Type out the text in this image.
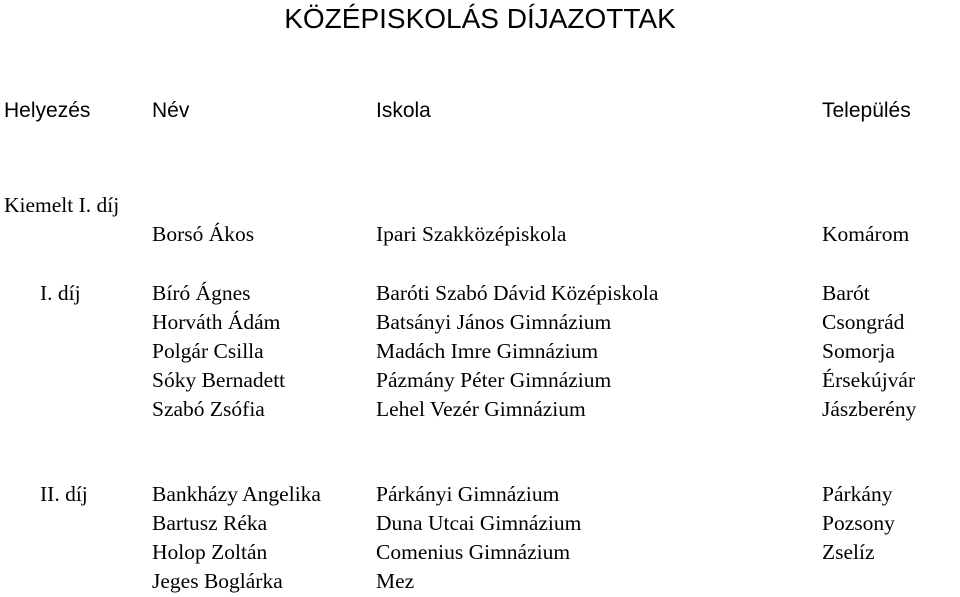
KÖZÉPISKOLÁS DÍJAZOTTAK
Helyezés	Név	Iskola	Település
Kiemelt I. díj
Borsó Ákos	Ipari Szakközépiskola	Komárom
I. díj	Bíró Ágnes	Baróti Szabó Dávid Középiskola	Barót
Horváth Ádám	Batsányi János Gimnázium	Csongrád
Polgár Csilla	Madách Imre Gimnázium	Somorja
Sóky Bernadett	Pázmány Péter Gimnázium	Érsekújvár
Szabó Zsófia	Lehel Vezér Gimnázium	Jászberény
II. díj	Bankházy Angelika	Párkányi Gimnázium	Párkány
Bartusz Réka	Duna Utcai Gimnázium	Pozsony
Holop Zoltán	Comenius Gimnázium	Zselíz
Jeges Boglárka	Mez
